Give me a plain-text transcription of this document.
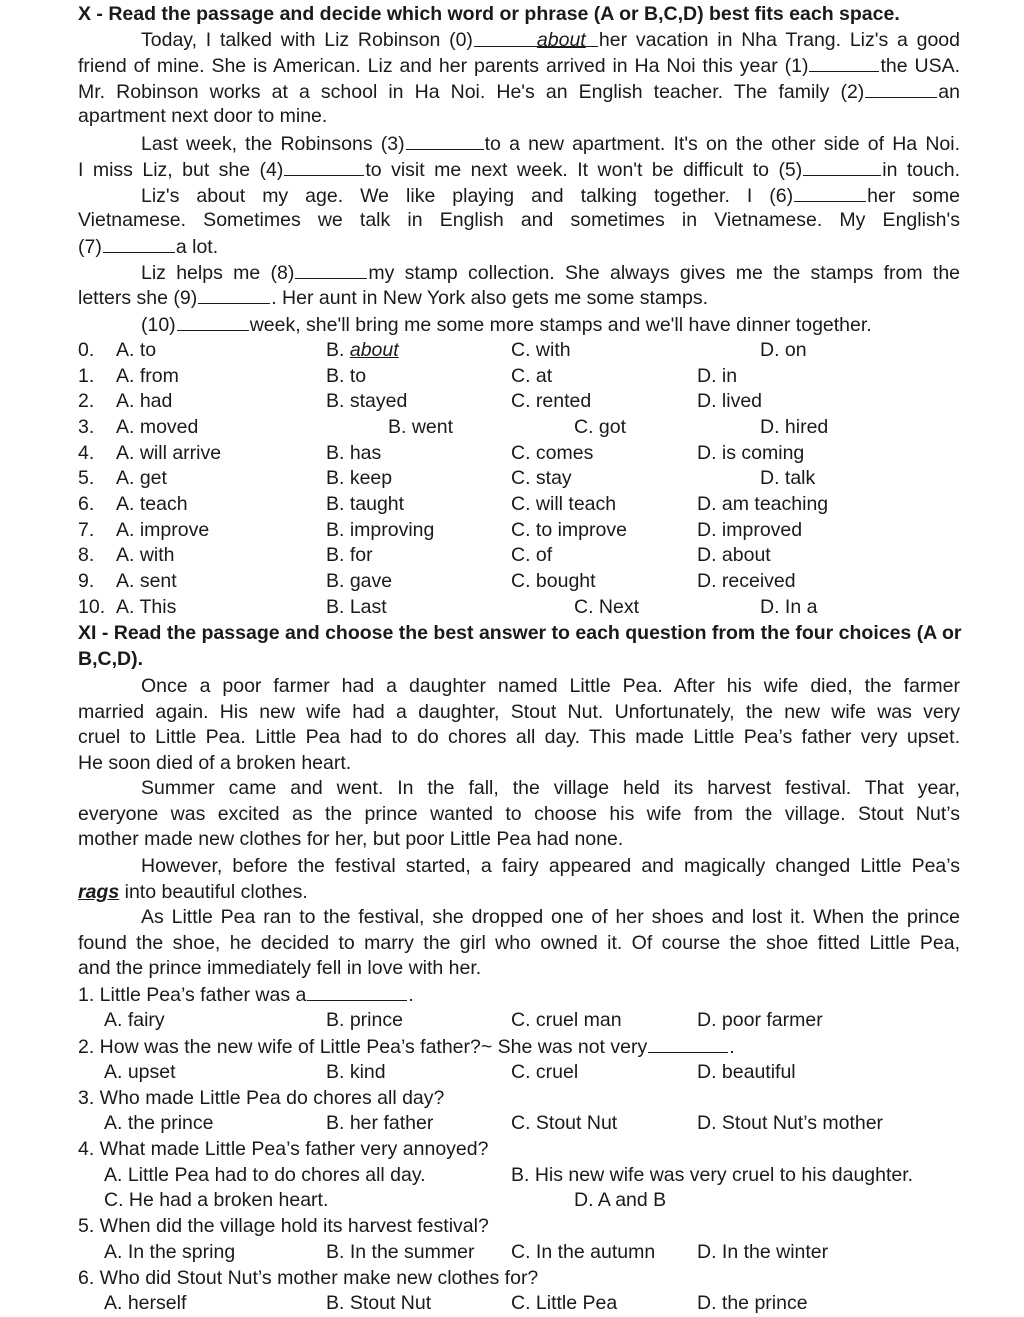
X - Read the passage and decide which word or phrase (A or B,C,D) best fits each space.
Today, I talked with Liz Robinson (0)	about her vacation in Nha Trang. Liz's a good
friend of mine. She is American. Liz and her parents arrived in Ha Noi this year (1)	the USA.
Mr. Robinson works at a school in Ha Noi. He's an English teacher. The family (2)	an
apartment next door to mine.
Last week, the Robinsons (3)	to a new apartment. It's on the other side of Ha Noi.
I miss Liz, but she (4)	to visit me next week. It won't be difficult to (5)	in touch.
Liz's about my age. We like playing and talking together. I (6)	her some
Vietnamese. Sometimes we talk in English and sometimes in Vietnamese. My English's
(7)	a lot.
Liz helps me (8)	my stamp collection. She always gives me the stamps from the
letters she (9)	. Her aunt in New York also gets me some stamps.
(10)	week, she'll bring me some more stamps and we'll have dinner together.
0. A. to	B. about	C. with	D. on
1. A. from	B. to	C. at	D. in
2. A. had	B. stayed	C. rented	D. lived
3. A. moved	B. went	C. got	D. hired
4. A. will arrive	B. has	C. comes	D. is coming
5. A. get	B. keep	C. stay	D. talk
6. A. teach	B. taught	C. will teach	D. am teaching
7. A. improve	B. improving	C. to improve	D. improved
8. A. with	B. for	C. of	D. about
9. A. sent	B. gave	C. bought	D. received
10. A. This	B. Last	C. Next	D. In a
XI - Read the passage and choose the best answer to each question from the four choices (A or
B,C,D).
Once a poor farmer had a daughter named Little Pea. After his wife died, the farmer
married again. His new wife had a daughter, Stout Nut. Unfortunately, the new wife was very
cruel to Little Pea. Little Pea had to do chores all day. This made Little Pea’s father very upset.
He soon died of a broken heart.
Summer came and went. In the fall, the village held its harvest festival. That year,
everyone was excited as the prince wanted to choose his wife from the village. Stout Nut’s
mother made new clothes for her, but poor Little Pea had none.
However, before the festival started, a fairy appeared and magically changed Little Pea’s
rags into beautiful clothes.
As Little Pea ran to the festival, she dropped one of her shoes and lost it. When the prince
found the shoe, he decided to marry the girl who owned it. Of course the shoe fitted Little Pea,
and the prince immediately fell in love with her.
1. Little Pea’s father was a	.
A. fairy	B. prince	C. cruel man	D. poor farmer
2. How was the new wife of Little Pea’s father?~ She was not very	.
A. upset	B. kind	C. cruel	D. beautiful
3. Who made Little Pea do chores all day?
A. the prince	B. her father	C. Stout Nut	D. Stout Nut’s mother
4. What made Little Pea’s father very annoyed?
A. Little Pea had to do chores all day.	B. His new wife was very cruel to his daughter.
C. He had a broken heart.	D. A and B
5. When did the village hold its harvest festival?
A. In the spring	B. In the summer C. In the autumn D. In the winter
6. Who did Stout Nut’s mother make new clothes for?
A. herself	B. Stout Nut	C. Little Pea	D. the prince
